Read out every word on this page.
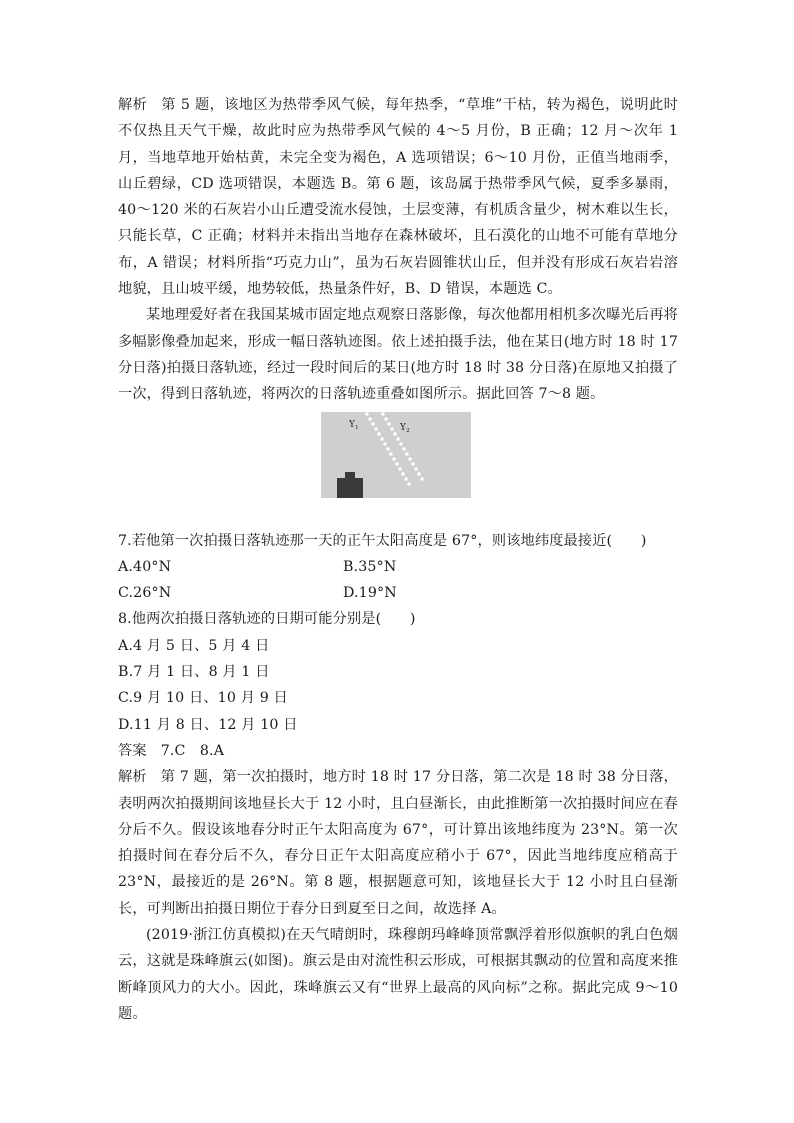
解析 第 5 题，该地区为热带季风气候，每年热季，“草堆”干枯，转为褐色，说明此时不仅热且天气干燥，故此时应为热带季风气候的 4～5 月份，B 正确；12 月～次年 1 月，当地草地开始枯黄，未完全变为褐色，A 选项错误；6～10 月份，正值当地雨季，山丘碧绿，CD 选项错误，本题选 B。第 6 题，该岛属于热带季风气候，夏季多暴雨，40～120 米的石灰岩小山丘遭受流水侵蚀，土层变薄，有机质含量少，树木难以生长，只能长草，C 正确；材料并未指出当地存在森林破坏，且石漠化的山地不可能有草地分布，A 错误；材料所指“巧克力山”，虽为石灰岩圆锥状山丘，但并没有形成石灰岩岩溶地貌，且山坡平缓，地势较低，热量条件好，B、D 错误，本题选 C。

某地理爱好者在我国某城市固定地点观察日落影像，每次他都用相机多次曝光后再将多幅影像叠加起来，形成一幅日落轨迹图。依上述拍摄手法，他在某日(地方时 18 时 17 分日落)拍摄日落轨迹，经过一段时间后的某日(地方时 18 时 38 分日落)在原地又拍摄了一次，得到日落轨迹，将两次的日落轨迹重叠如图所示。据此回答 7～8 题。

$Y_1$	$Y_2$

7.若他第一次拍摄日落轨迹那一天的正午太阳高度是 67°，则该地纬度最接近(　　)

A.40°N	B.35°N
C.26°N	D.19°N

8.他两次拍摄日落轨迹的日期可能分别是(　　)

A.4 月 5 日、5 月 4 日
B.7 月 1 日、8 月 1 日
C.9 月 10 日、10 月 9 日
D.11 月 8 日、12 月 10 日

答案 7.C　8.A

解析 第 7 题，第一次拍摄时，地方时 18 时 17 分日落，第二次是 18 时 38 分日落，表明两次拍摄期间该地昼长大于 12 小时，且白昼渐长，由此推断第一次拍摄时间应在春分后不久。假设该地春分时正午太阳高度为 67°，可计算出该地纬度为 23°N。第一次拍摄时间在春分后不久，春分日正午太阳高度应稍小于 67°，因此当地纬度应稍高于 23°N，最接近的是 26°N。第 8 题，根据题意可知，该地昼长大于 12 小时且白昼渐长，可判断出拍摄日期位于春分日到夏至日之间，故选择 A。

(2019·浙江仿真模拟)在天气晴朗时，珠穆朗玛峰峰顶常飘浮着形似旗帜的乳白色烟云，这就是珠峰旗云(如图)。旗云是由对流性积云形成，可根据其飘动的位置和高度来推断峰顶风力的大小。因此，珠峰旗云又有“世界上最高的风向标”之称。据此完成 9～10 题。
